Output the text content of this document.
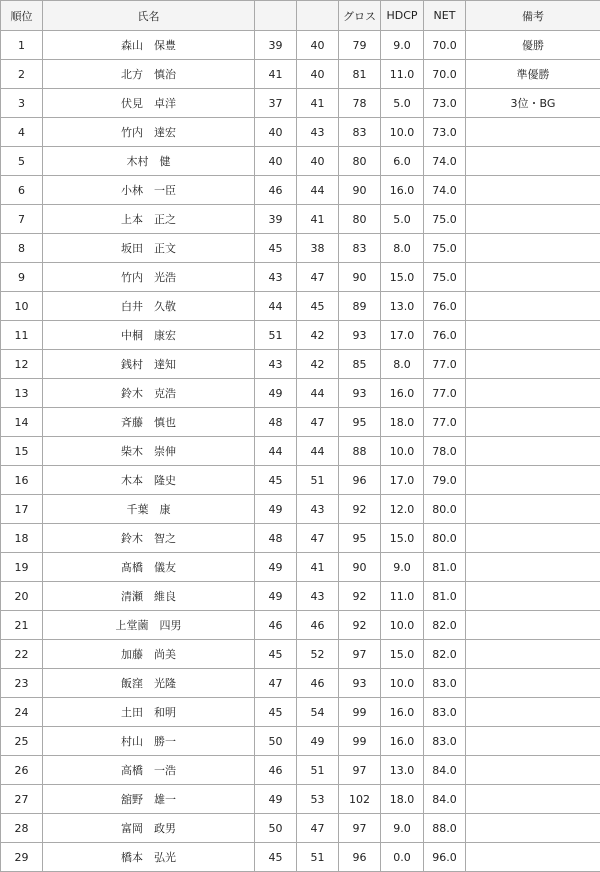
順位	氏名			グロス	HDCP	NET	備考
1	森山　保豊	39	40	79	9.0	70.0	優勝
2	北方　慎治	41	40	81	11.0	70.0	準優勝
3	伏見　卓洋	37	41	78	5.0	73.0	3位・BG
4	竹内　達宏	40	43	83	10.0	73.0	
5	木村　健	40	40	80	6.0	74.0	
6	小林　一臣	46	44	90	16.0	74.0	
7	上本　正之	39	41	80	5.0	75.0	
8	坂田　正文	45	38	83	8.0	75.0	
9	竹内　光浩	43	47	90	15.0	75.0	
10	白井　久敬	44	45	89	13.0	76.0	
11	中桐　康宏	51	42	93	17.0	76.0	
12	銭村　達知	43	42	85	8.0	77.0	
13	鈴木　克浩	49	44	93	16.0	77.0	
14	斉藤　慎也	48	47	95	18.0	77.0	
15	柴木　崇伸	44	44	88	10.0	78.0	
16	木本　隆史	45	51	96	17.0	79.0	
17	千葉　康	49	43	92	12.0	80.0	
18	鈴木　智之	48	47	95	15.0	80.0	
19	髙橋　儀友	49	41	90	9.0	81.0	
20	清瀬　維良	49	43	92	11.0	81.0	
21	上堂薗　四男	46	46	92	10.0	82.0	
22	加藤　尚美	45	52	97	15.0	82.0	
23	飯窪　光隆	47	46	93	10.0	83.0	
24	土田　和明	45	54	99	16.0	83.0	
25	村山　勝一	50	49	99	16.0	83.0	
26	高橋　一浩	46	51	97	13.0	84.0	
27	舘野　雄一	49	53	102	18.0	84.0	
28	富岡　政男	50	47	97	9.0	88.0	
29	橋本　弘光	45	51	96	0.0	96.0	
